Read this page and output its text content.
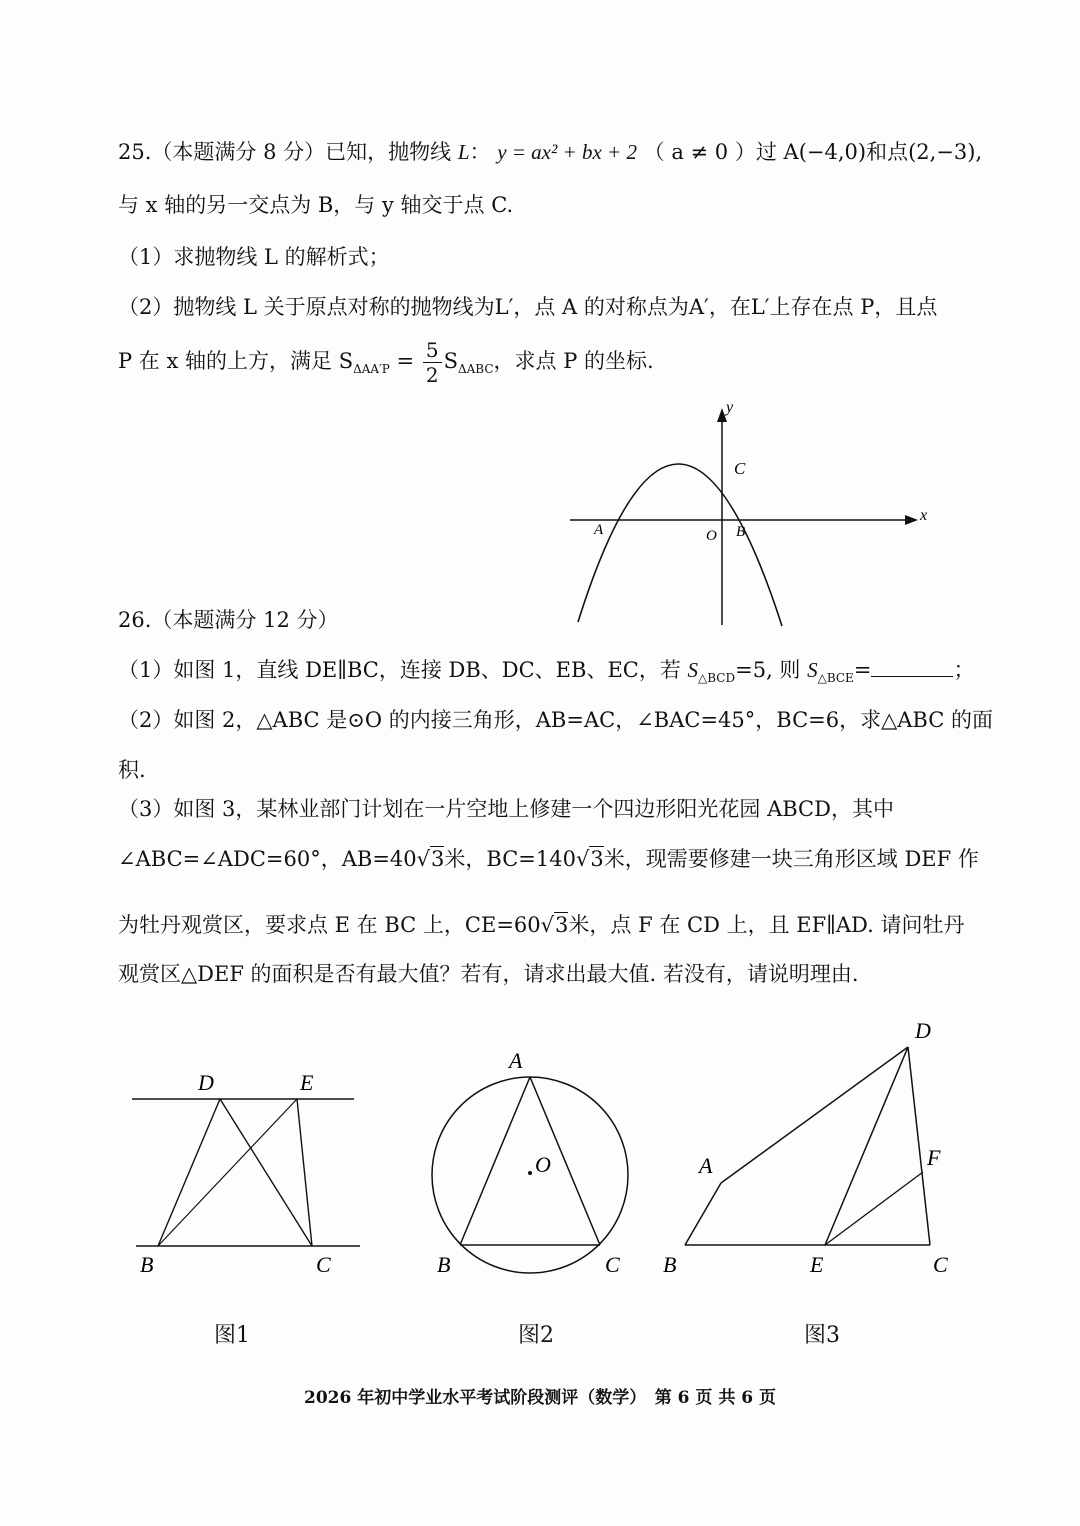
25.（本题满分 8 分）已知，抛物线 L： y = ax² + bx + 2 （ a ≠ 0 ）过 A(−4,0)和点(2,−3),
与 x 轴的另一交点为 B，与 y 轴交于点 C.
（1）求抛物线 L 的解析式；
（2）抛物线 L 关于原点对称的抛物线为L′，点 A 的对称点为A′，在L′上存在点 P，且点
P 在 x 轴的上方，满足 $S_{\Delta AA'P} = \frac{5}{2} S_{\Delta ABC}$，求点 P 的坐标.
y
x
C
A	O B
26.（本题满分 12 分）
（1）如图 1，直线 DE∥BC，连接 DB、DC、EB、EC，若 $S_{\triangle BCD}=5$, 则 $S_{\triangle BCE}=$	；
（2）如图 2，△ABC 是⊙O 的内接三角形，AB=AC，∠BAC=45°，BC=6，求△ABC 的面
积.
（3）如图 3，某林业部门计划在一片空地上修建一个四边形阳光花园 ABCD，其中
∠ABC=∠ADC=60°，AB=40√3米，BC=140√3米，现需要修建一块三角形区域 DEF 作
为牡丹观赏区，要求点 E 在 BC 上，CE=60√3米，点 F 在 CD 上，且 EF∥AD. 请问牡丹
观赏区△DEF 的面积是否有最大值？若有，请求出最大值. 若没有，请说明理由.
D	E
B	C
图1
A
O
B	C
图2
D
A	F
B	E	C
图3
2026 年初中学业水平考试阶段测评（数学）　第 6 页 共 6 页
